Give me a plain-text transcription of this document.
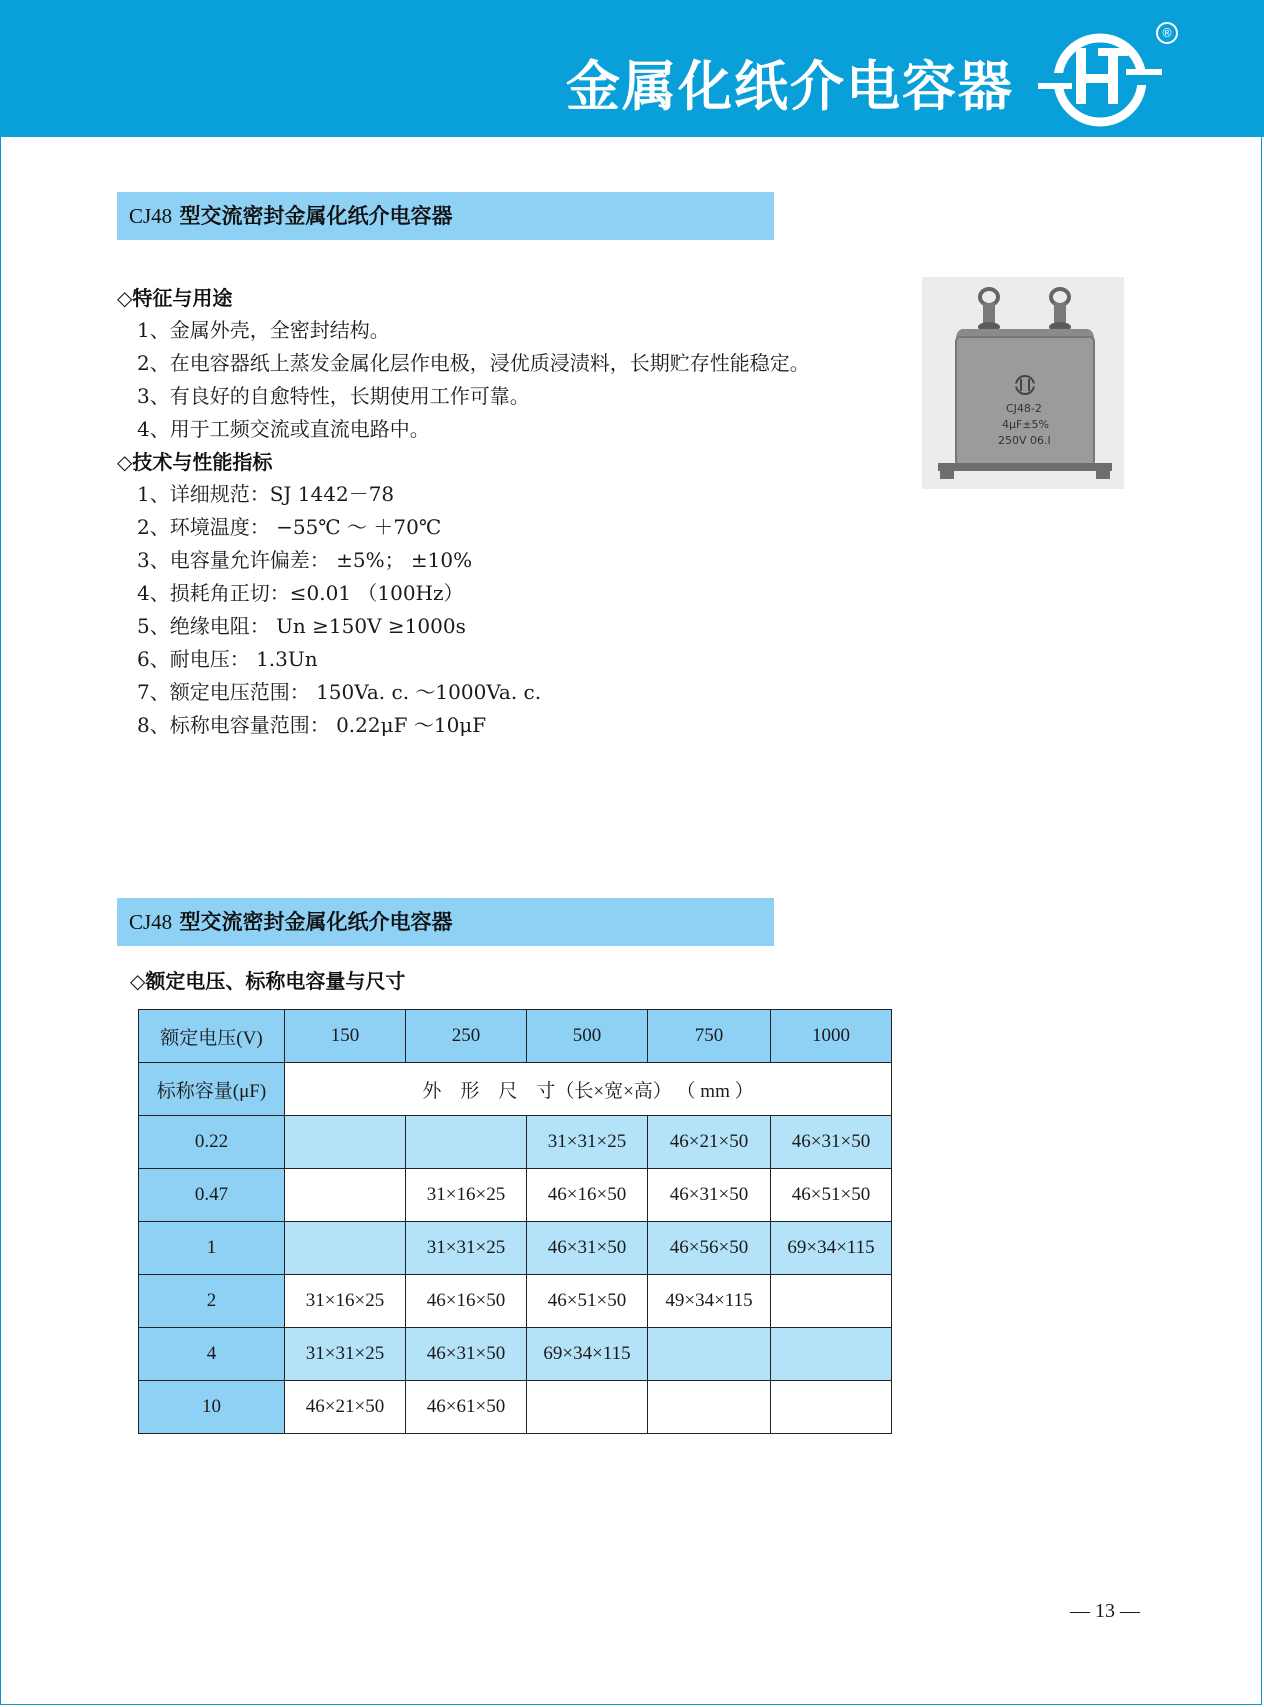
金属化纸介电容器
®
CJ48 型交流密封金属化纸介电容器
◇特征与用途
1、金属外壳，全密封结构。
2、在电容器纸上蒸发金属化层作电极，浸优质浸渍料，长期贮存性能稳定。
3、有良好的自愈特性，长期使用工作可靠。
4、用于工频交流或直流电路中。
◇技术与性能指标
1、详细规范：SJ 1442－78
2、环境温度： −55℃ ～ ＋70℃
3、电容量允许偏差： ±5%； ±10%
4、损耗角正切：≤0.01 （100Hz）
5、绝缘电阻： Un ≥150V ≥1000s
6、耐电压： 1.3Un
7、额定电压范围： 150Va. c. ～1000Va. c.
8、标称电容量范围： 0.22μF ～10μF
CJ48-2
4μF±5%
250V 06.Ⅰ
CJ48 型交流密封金属化纸介电容器
◇额定电压、标称电容量与尺寸
额定电压(V)	150	250	500	750	1000
标称容量(μF)	外　形　尺　寸（长×宽×高） （ mm ）				
0.22			31×31×25	46×21×50	46×31×50
0.47		31×16×25	46×16×50	46×31×50	46×51×50
1		31×31×25	46×31×50	46×56×50	69×34×115
2	31×16×25	46×16×50	46×51×50	49×34×115	
4	31×31×25	46×31×50	69×34×115		
10	46×21×50	46×61×50			
— 13 —
